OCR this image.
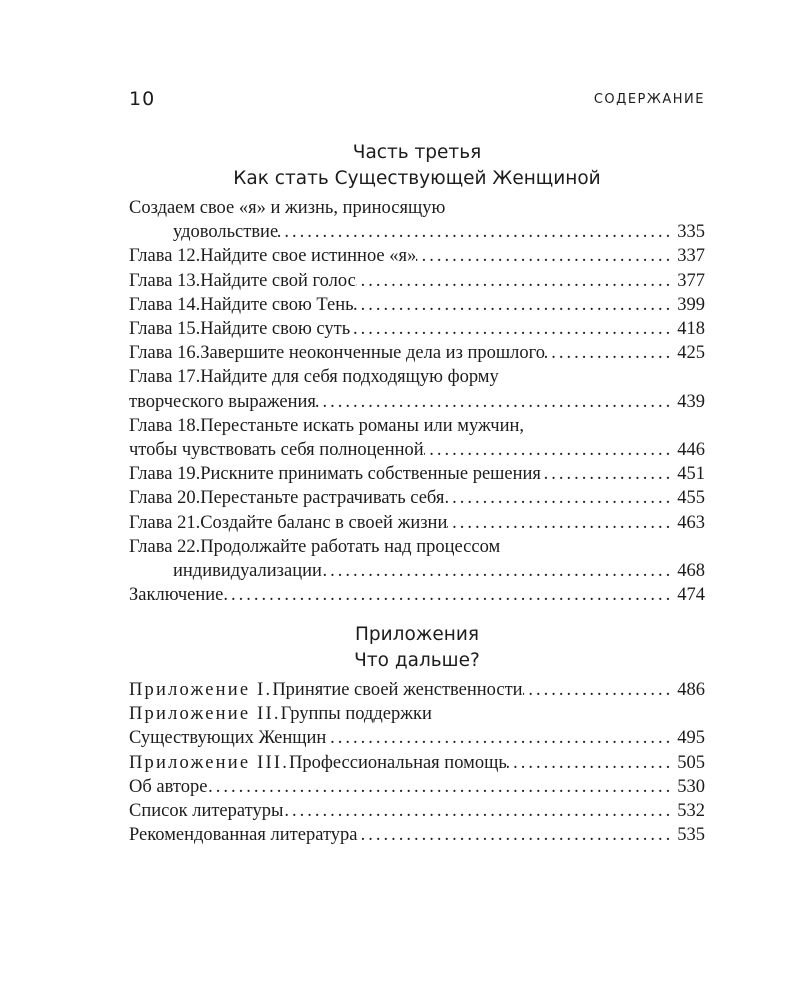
10	СОДЕРЖАНИЕ
Часть третья
Как стать Существующей Женщиной
Создаем свое «я» и жизнь, приносящую
удовольствие .....	335
Глава 12. Найдите свое истинное «я» .....	337
Глава 13. Найдите свой голос .....	377
Глава 14. Найдите свою Тень .....	399
Глава 15. Найдите свою суть .....	418
Глава 16. Завершите неоконченные дела из прошлого .....	425
Глава 17. Найдите для себя подходящую форму
творческого выражения .....	439
Глава 18. Перестаньте искать романы или мужчин,
чтобы чувствовать себя полноценной .....	446
Глава 19. Рискните принимать собственные решения .....	451
Глава 20. Перестаньте растрачивать себя .....	455
Глава 21. Создайте баланс в своей жизни .....	463
Глава 22. Продолжайте работать над процессом
индивидуализации .....	468
Заключение .....	474
Приложения
Что дальше?
Приложение I. Принятие своей женственности .....	486
Приложение II. Группы поддержки
Существующих Женщин .....	495
Приложение III. Профессиональная помощь .....	505
Об авторе .....	530
Список литературы .....	532
Рекомендованная литература .....	535
